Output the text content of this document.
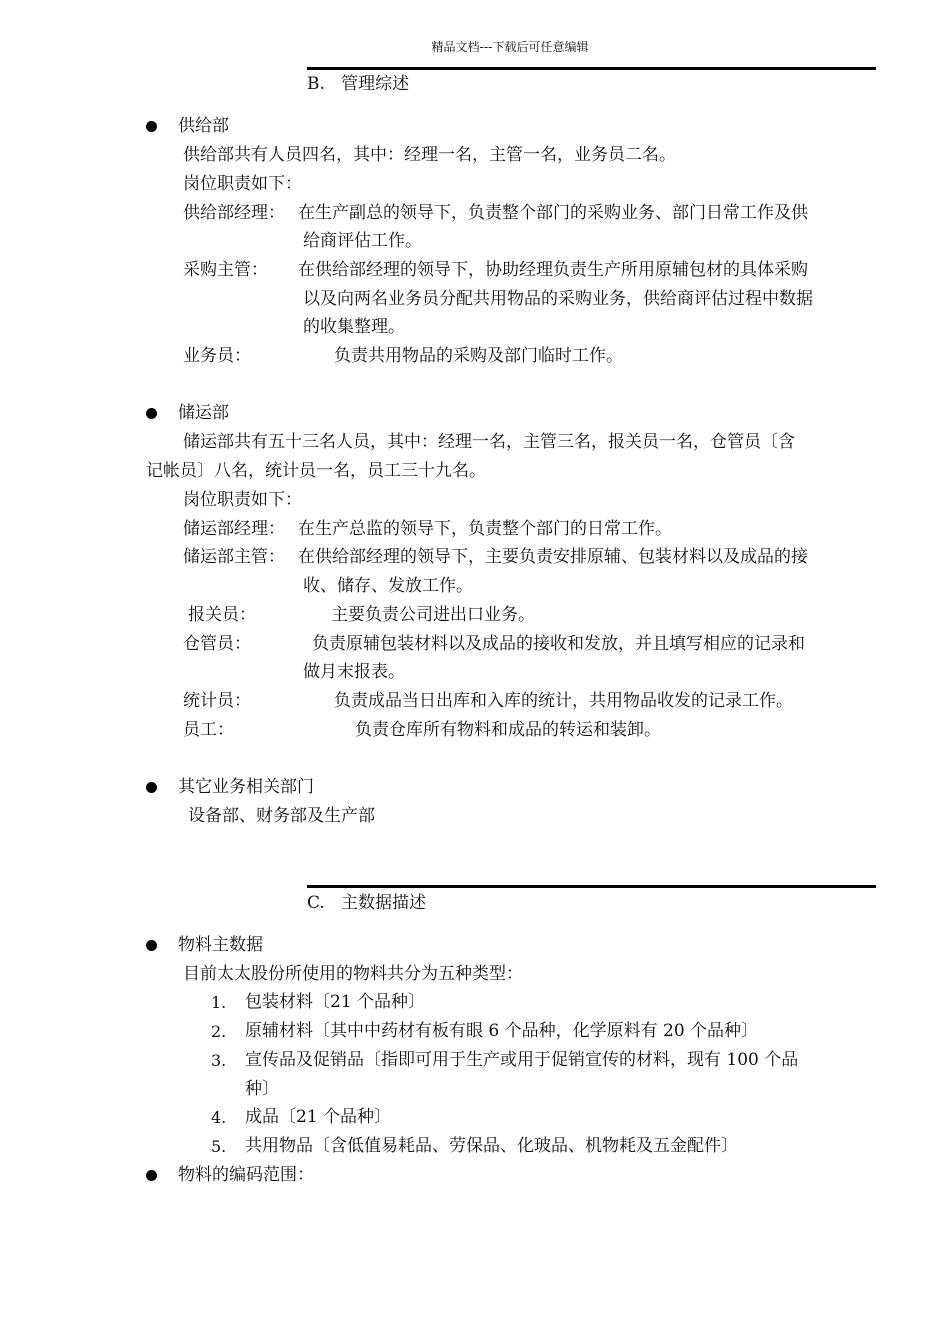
精品文档---下载后可任意编辑
B.   管理综述
供给部
供给部共有人员四名，其中：经理一名，主管一名，业务员二名。
岗位职责如下：
供给部经理： 在生产副总的领导下，负责整个部门的采购业务、部门日常工作及供
给商评估工作。
采购主管： 在供给部经理的领导下，协助经理负责生产所用原辅包材的具体采购
以及向两名业务员分配共用物品的采购业务，供给商评估过程中数据
的收集整理。
业务员：	负责共用物品的采购及部门临时工作。
储运部
储运部共有五十三名人员，其中：经理一名，主管三名，报关员一名，仓管员〔含
记帐员〕八名，统计员一名，员工三十九名。
岗位职责如下：
储运部经理： 在生产总监的领导下，负责整个部门的日常工作。
储运部主管： 在供给部经理的领导下，主要负责安排原辅、包装材料以及成品的接
收、储存、发放工作。
报关员：	主要负责公司进出口业务。
仓管员：	负责原辅包装材料以及成品的接收和发放，并且填写相应的记录和
做月末报表。
统计员：	负责成品当日出库和入库的统计，共用物品收发的记录工作。
员工：	负责仓库所有物料和成品的转运和装卸。
其它业务相关部门
设备部、财务部及生产部
C.   主数据描述
物料主数据
目前太太股份所使用的物料共分为五种类型：
1. 包装材料〔21 个品种〕
2. 原辅材料〔其中中药材有板有眼 6 个品种，化学原料有 20 个品种〕
3. 宣传品及促销品〔指即可用于生产或用于促销宣传的材料，现有 100 个品
种〕
4. 成品〔21 个品种〕
5. 共用物品〔含低值易耗品、劳保品、化玻品、机物耗及五金配件〕
物料的编码范围：
